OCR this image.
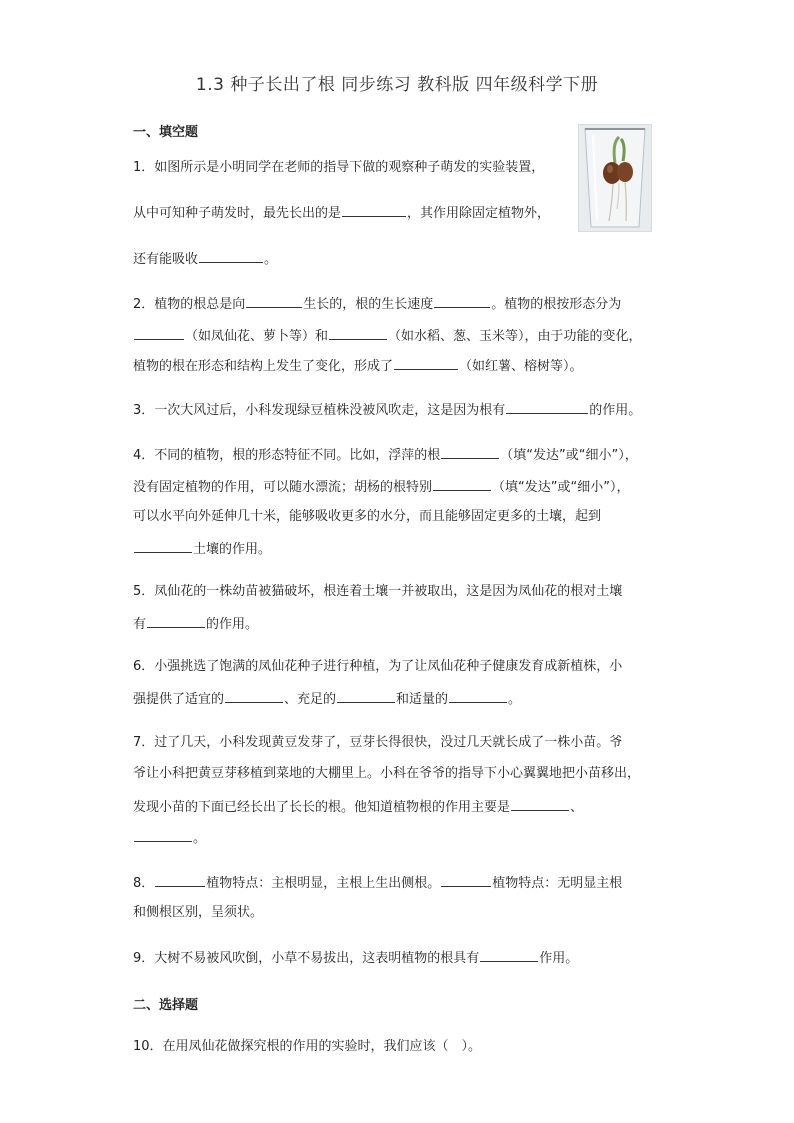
1.3 种子长出了根 同步练习 教科版 四年级科学下册
一、填空题
1．如图所示是小明同学在老师的指导下做的观察种子萌发的实验装置，
从中可知种子萌发时，最先长出的是	，其作用除固定植物外，
还有能吸收	。
2．植物的根总是向	生长的，根的生长速度	。植物的根按形态分为
（如凤仙花、萝卜等）和	（如水稻、葱、玉米等），由于功能的变化，
植物的根在形态和结构上发生了变化，形成了	（如红薯、榕树等）。
3．一次大风过后，小科发现绿豆植株没被风吹走，这是因为根有	的作用。
4．不同的植物，根的形态特征不同。比如，浮萍的根	（填“发达”或“细小”），
没有固定植物的作用，可以随水漂流；胡杨的根特别	（填“发达”或“细小”），
可以水平向外延伸几十米，能够吸收更多的水分，而且能够固定更多的土壤，起到
土壤的作用。
5．凤仙花的一株幼苗被猫破坏，根连着土壤一并被取出，这是因为凤仙花的根对土壤
有	的作用。
6．小强挑选了饱满的凤仙花种子进行种植，为了让凤仙花种子健康发育成新植株，小
强提供了适宜的	、充足的	和适量的	。
7．过了几天，小科发现黄豆发芽了，豆芽长得很快，没过几天就长成了一株小苗。爷
爷让小科把黄豆芽移植到菜地的大棚里上。小科在爷爷的指导下小心翼翼地把小苗移出，
发现小苗的下面已经长出了长长的根。他知道植物根的作用主要是	、
。
8．	植物特点：主根明显，主根上生出侧根。	植物特点：无明显主根
和侧根区别，呈须状。
9．大树不易被风吹倒，小草不易拔出，这表明植物的根具有	作用。
二、选择题
10．在用凤仙花做探究根的作用的实验时，我们应该（　）。
